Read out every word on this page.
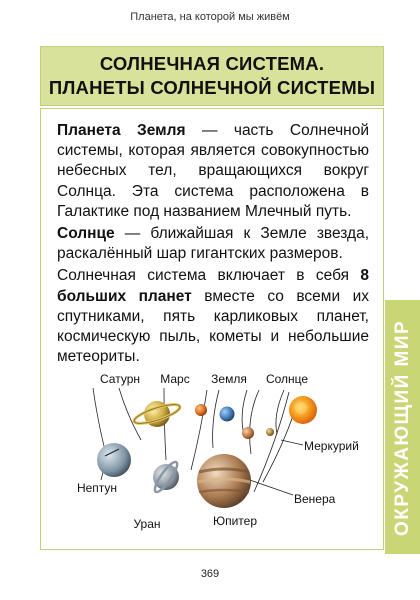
Планета, на которой мы живём
СОЛНЕЧНАЯ СИСТЕМА.
ПЛАНЕТЫ СОЛНЕЧНОЙ СИСТЕМЫ

Планета Земля — часть Солнечной системы, которая является совокупностью небесных тел, вращающихся вокруг Солнца. Эта система расположена в Галактике под названием Млечный путь.

Солнце — ближайшая к Земле звезда, раскалённый шар гигантских размеров.

Солнечная система включает в себя 8 больших планет вместе со всеми их спутниками, пять карликовых планет, космическую пыль, кометы и небольшие метеориты.

Сатурн Марс Земля Солнце
Меркурий
Нептун
Венера
Уран	Юпитер	ОКРУЖАЮЩИЙ МИР
369
